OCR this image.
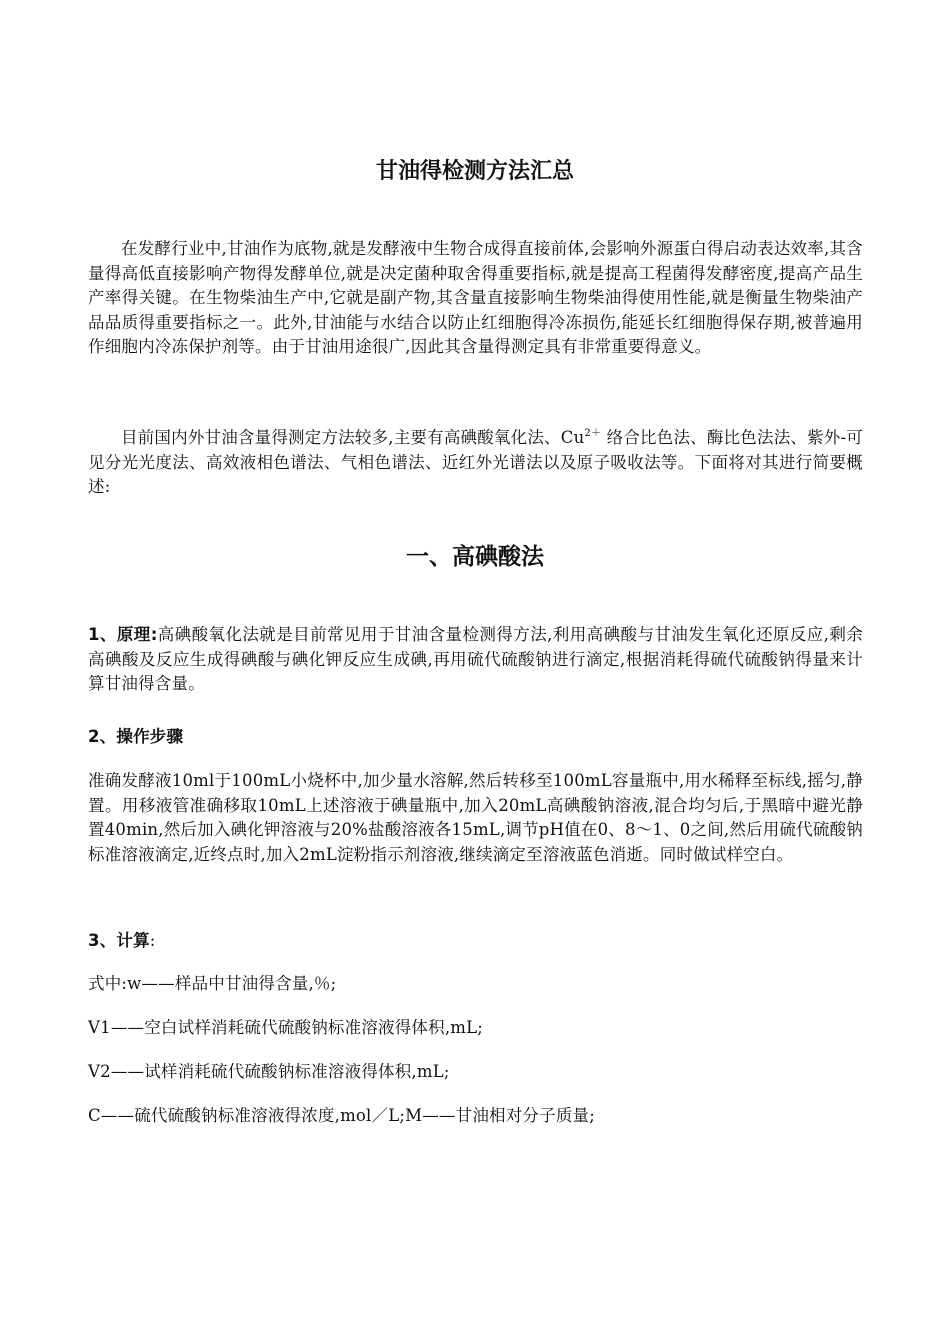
甘油得检测方法汇总

在发酵行业中,甘油作为底物,就是发酵液中生物合成得直接前体,会影响外源蛋白得启动表达效率,其含量得高低直接影响产物得发酵单位,就是决定菌种取舍得重要指标,就是提高工程菌得发酵密度,提高产品生产率得关键。在生物柴油生产中,它就是副产物,其含量直接影响生物柴油得使用性能,就是衡量生物柴油产品品质得重要指标之一。此外,甘油能与水结合以防止红细胞得冷冻损伤,能延长红细胞得保存期,被普遍用作细胞内冷冻保护剂等。由于甘油用途很广,因此其含量得测定具有非常重要得意义。

目前国内外甘油含量得测定方法较多,主要有高碘酸氧化法、$Cu^{2+}$ 络合比色法、酶比色法法、紫外-可见分光光度法、高效液相色谱法、气相色谱法、近红外光谱法以及原子吸收法等。下面将对其进行简要概述:

一、高碘酸法

1、原理:高碘酸氧化法就是目前常见用于甘油含量检测得方法,利用高碘酸与甘油发生氧化还原反应,剩余高碘酸及反应生成得碘酸与碘化钾反应生成碘,再用硫代硫酸钠进行滴定,根据消耗得硫代硫酸钠得量来计算甘油得含量。

2、操作步骤

准确发酵液10ml于100mL小烧杯中,加少量水溶解,然后转移至100mL容量瓶中,用水稀释至标线,摇匀,静置。用移液管准确移取10mL上述溶液于碘量瓶中,加入20mL高碘酸钠溶液,混合均匀后,于黑暗中避光静置40min,然后加入碘化钾溶液与20%盐酸溶液各15mL,调节pH值在0、8～1、0之间,然后用硫代硫酸钠标准溶液滴定,近终点时,加入2mL淀粉指示剂溶液,继续滴定至溶液蓝色消逝。同时做试样空白。

3、计算:

式中:w——样品中甘油得含量,％;

V1——空白试样消耗硫代硫酸钠标准溶液得体积,mL;

V2——试样消耗硫代硫酸钠标准溶液得体积,mL;

C——硫代硫酸钠标准溶液得浓度,mol／L;M——甘油相对分子质量;
